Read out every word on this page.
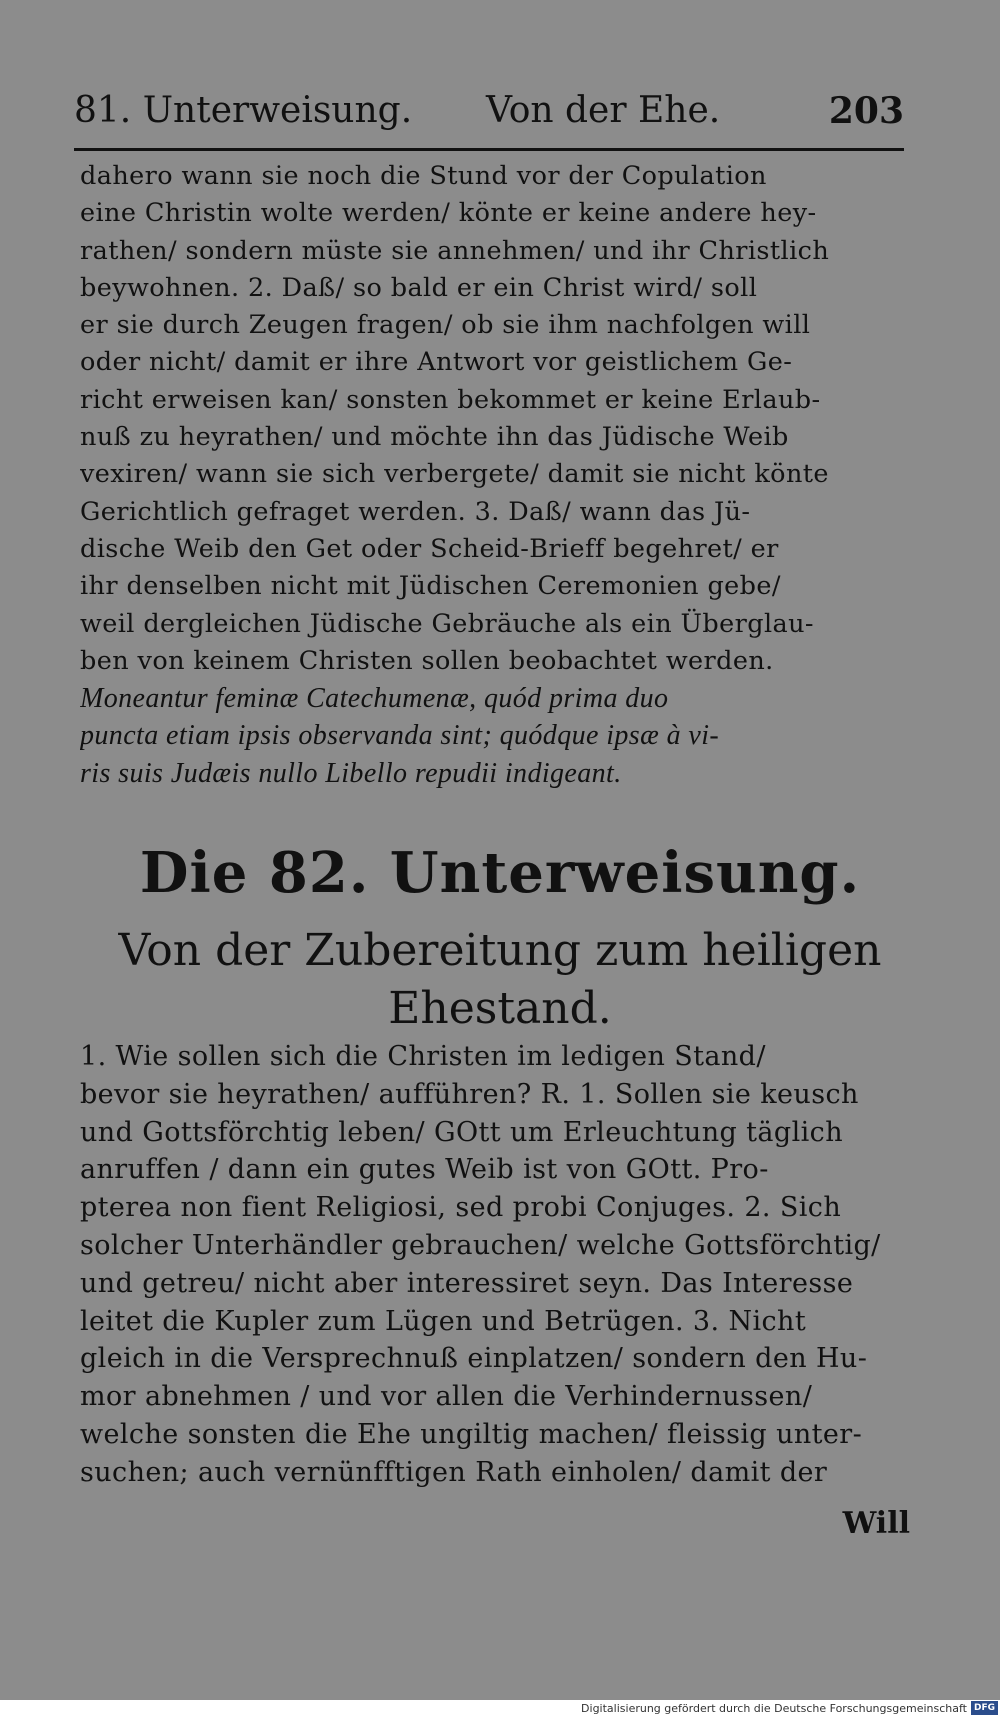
81. Unterweisung. Von der Ehe.	203
dahero wann sie noch die Stund vor der Copulation
eine Christin wolte werden/ könte er keine andere hey-
rathen/ sondern müste sie annehmen/ und ihr Christlich
beywohnen. 2. Daß/ so bald er ein Christ wird/ soll
er sie durch Zeugen fragen/ ob sie ihm nachfolgen will
oder nicht/ damit er ihre Antwort vor geistlichem Ge-
richt erweisen kan/ sonsten bekommet er keine Erlaub-
nuß zu heyrathen/ und möchte ihn das Jüdische Weib
vexiren/ wann sie sich verbergete/ damit sie nicht könte
Gerichtlich gefraget werden. 3. Daß/ wann das Jü-
dische Weib den Get oder Scheid-Brieff begehret/ er
ihr denselben nicht mit Jüdischen Ceremonien gebe/
weil dergleichen Jüdische Gebräuche als ein Überglau-
ben von keinem Christen sollen beobachtet werden.
Moneantur feminæ Catechumenæ, quód prima duo
puncta etiam ipsis observanda sint; quódque ipsæ à vi-
ris suis Judæis nullo Libello repudii indigeant.
Die 82. Unterweisung.
Von der Zubereitung zum heiligen
Ehestand.
1. Wie sollen sich die Christen im ledigen Stand/
bevor sie heyrathen/ aufführen? R. 1. Sollen sie keusch
und Gottsförchtig leben/ GOtt um Erleuchtung täglich
anruffen / dann ein gutes Weib ist von GOtt. Pro-
pterea non fient Religiosi, sed probi Conjuges. 2. Sich
solcher Unterhändler gebrauchen/ welche Gottsförchtig/
und getreu/ nicht aber interessiret seyn. Das Interesse
leitet die Kupler zum Lügen und Betrügen. 3. Nicht
gleich in die Versprechnuß einplatzen/ sondern den Hu-
mor abnehmen / und vor allen die Verhindernussen/
welche sonsten die Ehe ungiltig machen/ fleissig unter-
suchen; auch vernünfftigen Rath einholen/ damit der
Will
Digitalisierung gefördert durch die Deutsche Forschungsgemeinschaft DFG
